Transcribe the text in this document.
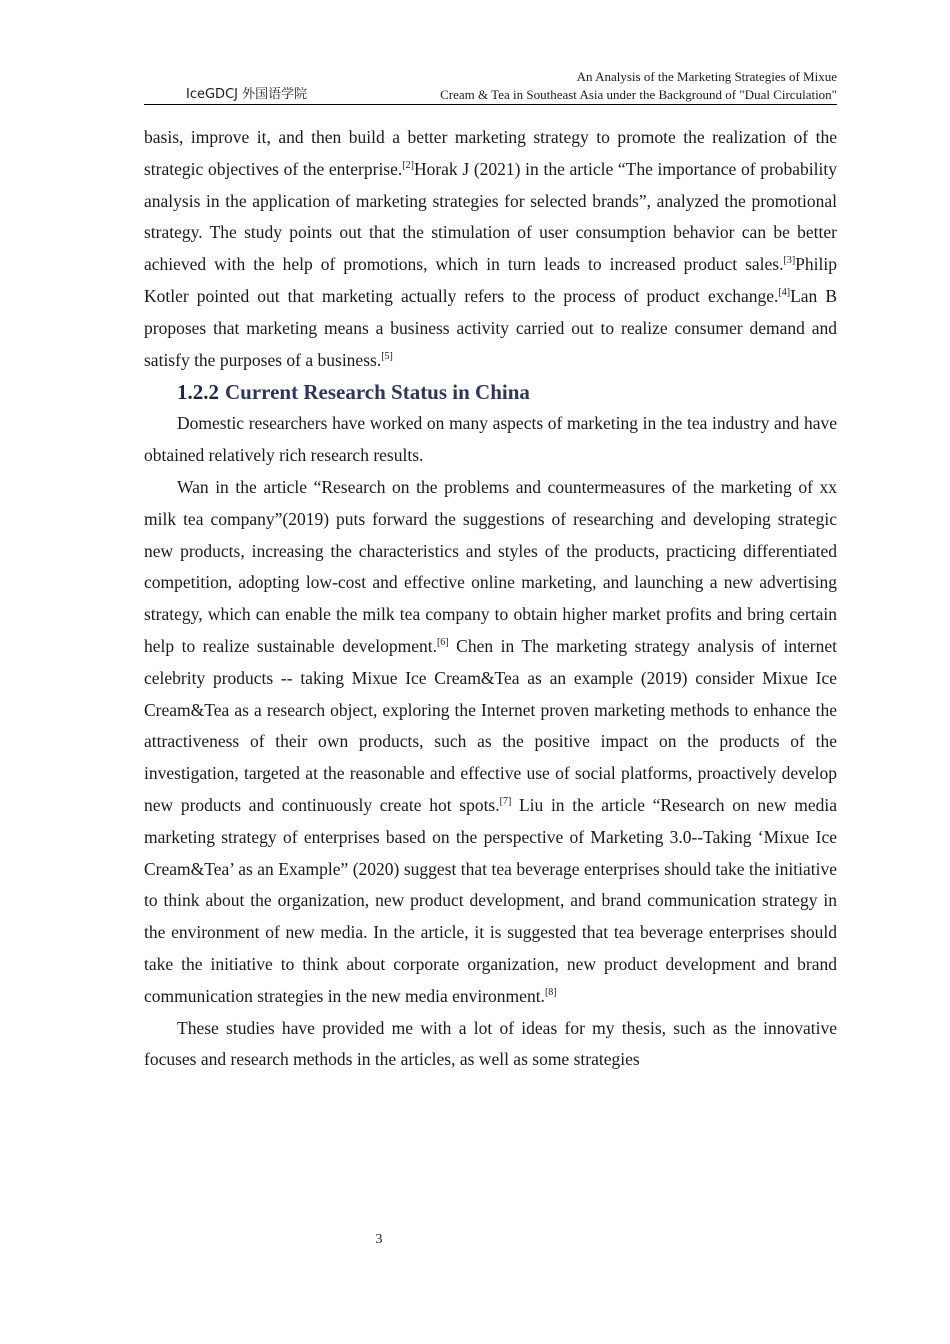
IceGDCJ 外国语学院
An Analysis of the Marketing Strategies of Mixue
Cream & Tea in Southeast Asia under the Background of "Dual Circulation"

basis, improve it, and then build a better marketing strategy to promote the realization of the strategic objectives of the enterprise.[2]Horak J (2021) in the article “The importance of probability analysis in the application of marketing strategies for selected brands”, analyzed the promotional strategy. The study points out that the stimulation of user consumption behavior can be better achieved with the help of promotions, which in turn leads to increased product sales.[3]Philip Kotler pointed out that marketing actually refers to the process of product exchange.[4]Lan B proposes that marketing means a business activity carried out to realize consumer demand and satisfy the purposes of a business.[5]

1.2.2 Current Research Status in China

Domestic researchers have worked on many aspects of marketing in the tea industry and have obtained relatively rich research results.

Wan in the article “Research on the problems and countermeasures of the marketing of xx milk tea company”(2019) puts forward the suggestions of researching and developing strategic new products, increasing the characteristics and styles of the products, practicing differentiated competition, adopting low-cost and effective online marketing, and launching a new advertising strategy, which can enable the milk tea company to obtain higher market profits and bring certain help to realize sustainable development.[6] Chen in The marketing strategy analysis of internet celebrity products -- taking Mixue Ice Cream&Tea as an example (2019) consider Mixue Ice Cream&Tea as a research object, exploring the Internet proven marketing methods to enhance the attractiveness of their own products, such as the positive impact on the products of the investigation, targeted at the reasonable and effective use of social platforms, proactively develop new products and continuously create hot spots.[7] Liu in the article “Research on new media marketing strategy of enterprises based on the perspective of Marketing 3.0--Taking ‘Mixue Ice Cream&Tea’ as an Example” (2020) suggest that tea beverage enterprises should take the initiative to think about the organization, new product development, and brand communication strategy in the environment of new media. In the article, it is suggested that tea beverage enterprises should take the initiative to think about corporate organization, new product development and brand communication strategies in the new media environment.[8]

These studies have provided me with a lot of ideas for my thesis, such as the innovative focuses and research methods in the articles, as well as some strategies

3
